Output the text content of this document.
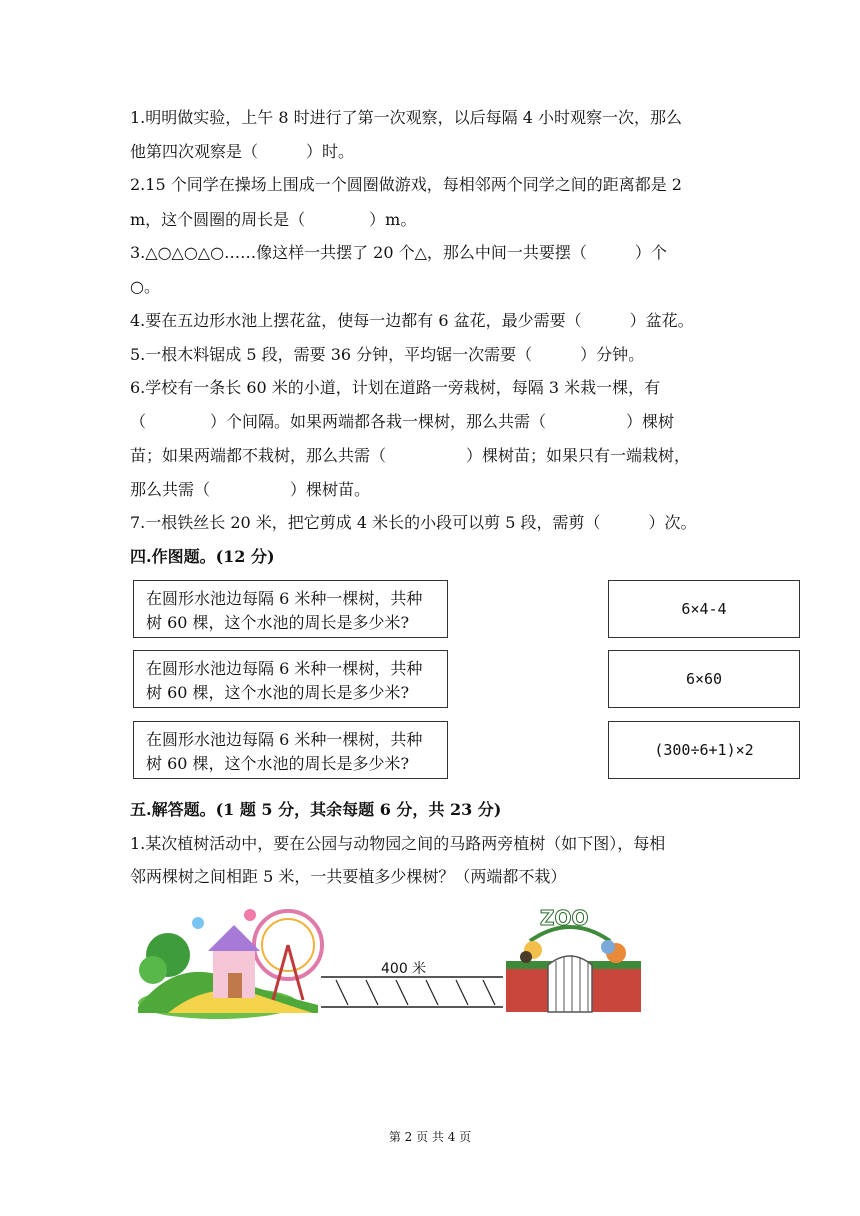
1.明明做实验，上午 8 时进行了第一次观察，以后每隔 4 小时观察一次，那么
他第四次观察是（　　　）时。
2.15 个同学在操场上围成一个圆圈做游戏，每相邻两个同学之间的距离都是 2
m，这个圆圈的周长是（　　　　）m。
3.△○△○△○……像这样一共摆了 20 个△，那么中间一共要摆（　　　）个
○。
4.要在五边形水池上摆花盆，使每一边都有 6 盆花，最少需要（　　　）盆花。
5.一根木料锯成 5 段，需要 36 分钟，平均锯一次需要（　　　）分钟。
6.学校有一条长 60 米的小道，计划在道路一旁栽树，每隔 3 米栽一棵，有
（　　　　）个间隔。如果两端都各栽一棵树，那么共需（　　　　　）棵树
苗；如果两端都不栽树，那么共需（　　　　　）棵树苗；如果只有一端栽树，
那么共需（　　　　　）棵树苗。
7.一根铁丝长 20 米，把它剪成 4 米长的小段可以剪 5 段，需剪（　　　）次。
四.作图题。(12 分)
在圆形水池边每隔 6 米种一棵树，共种树 60 棵，这个水池的周长是多少米?
在圆形水池边每隔 6 米种一棵树，共种树 60 棵，这个水池的周长是多少米?
在圆形水池边每隔 6 米种一棵树，共种树 60 棵，这个水池的周长是多少米?
6×4-4
6×60
(300÷6+1)×2
五.解答题。(1 题 5 分，其余每题 6 分，共 23 分)
1.某次植树活动中，要在公园与动物园之间的马路两旁植树（如下图），每相
邻两棵树之间相距 5 米，一共要植多少棵树？（两端都不栽）
400 米
ZOO
第 2 页 共 4 页
